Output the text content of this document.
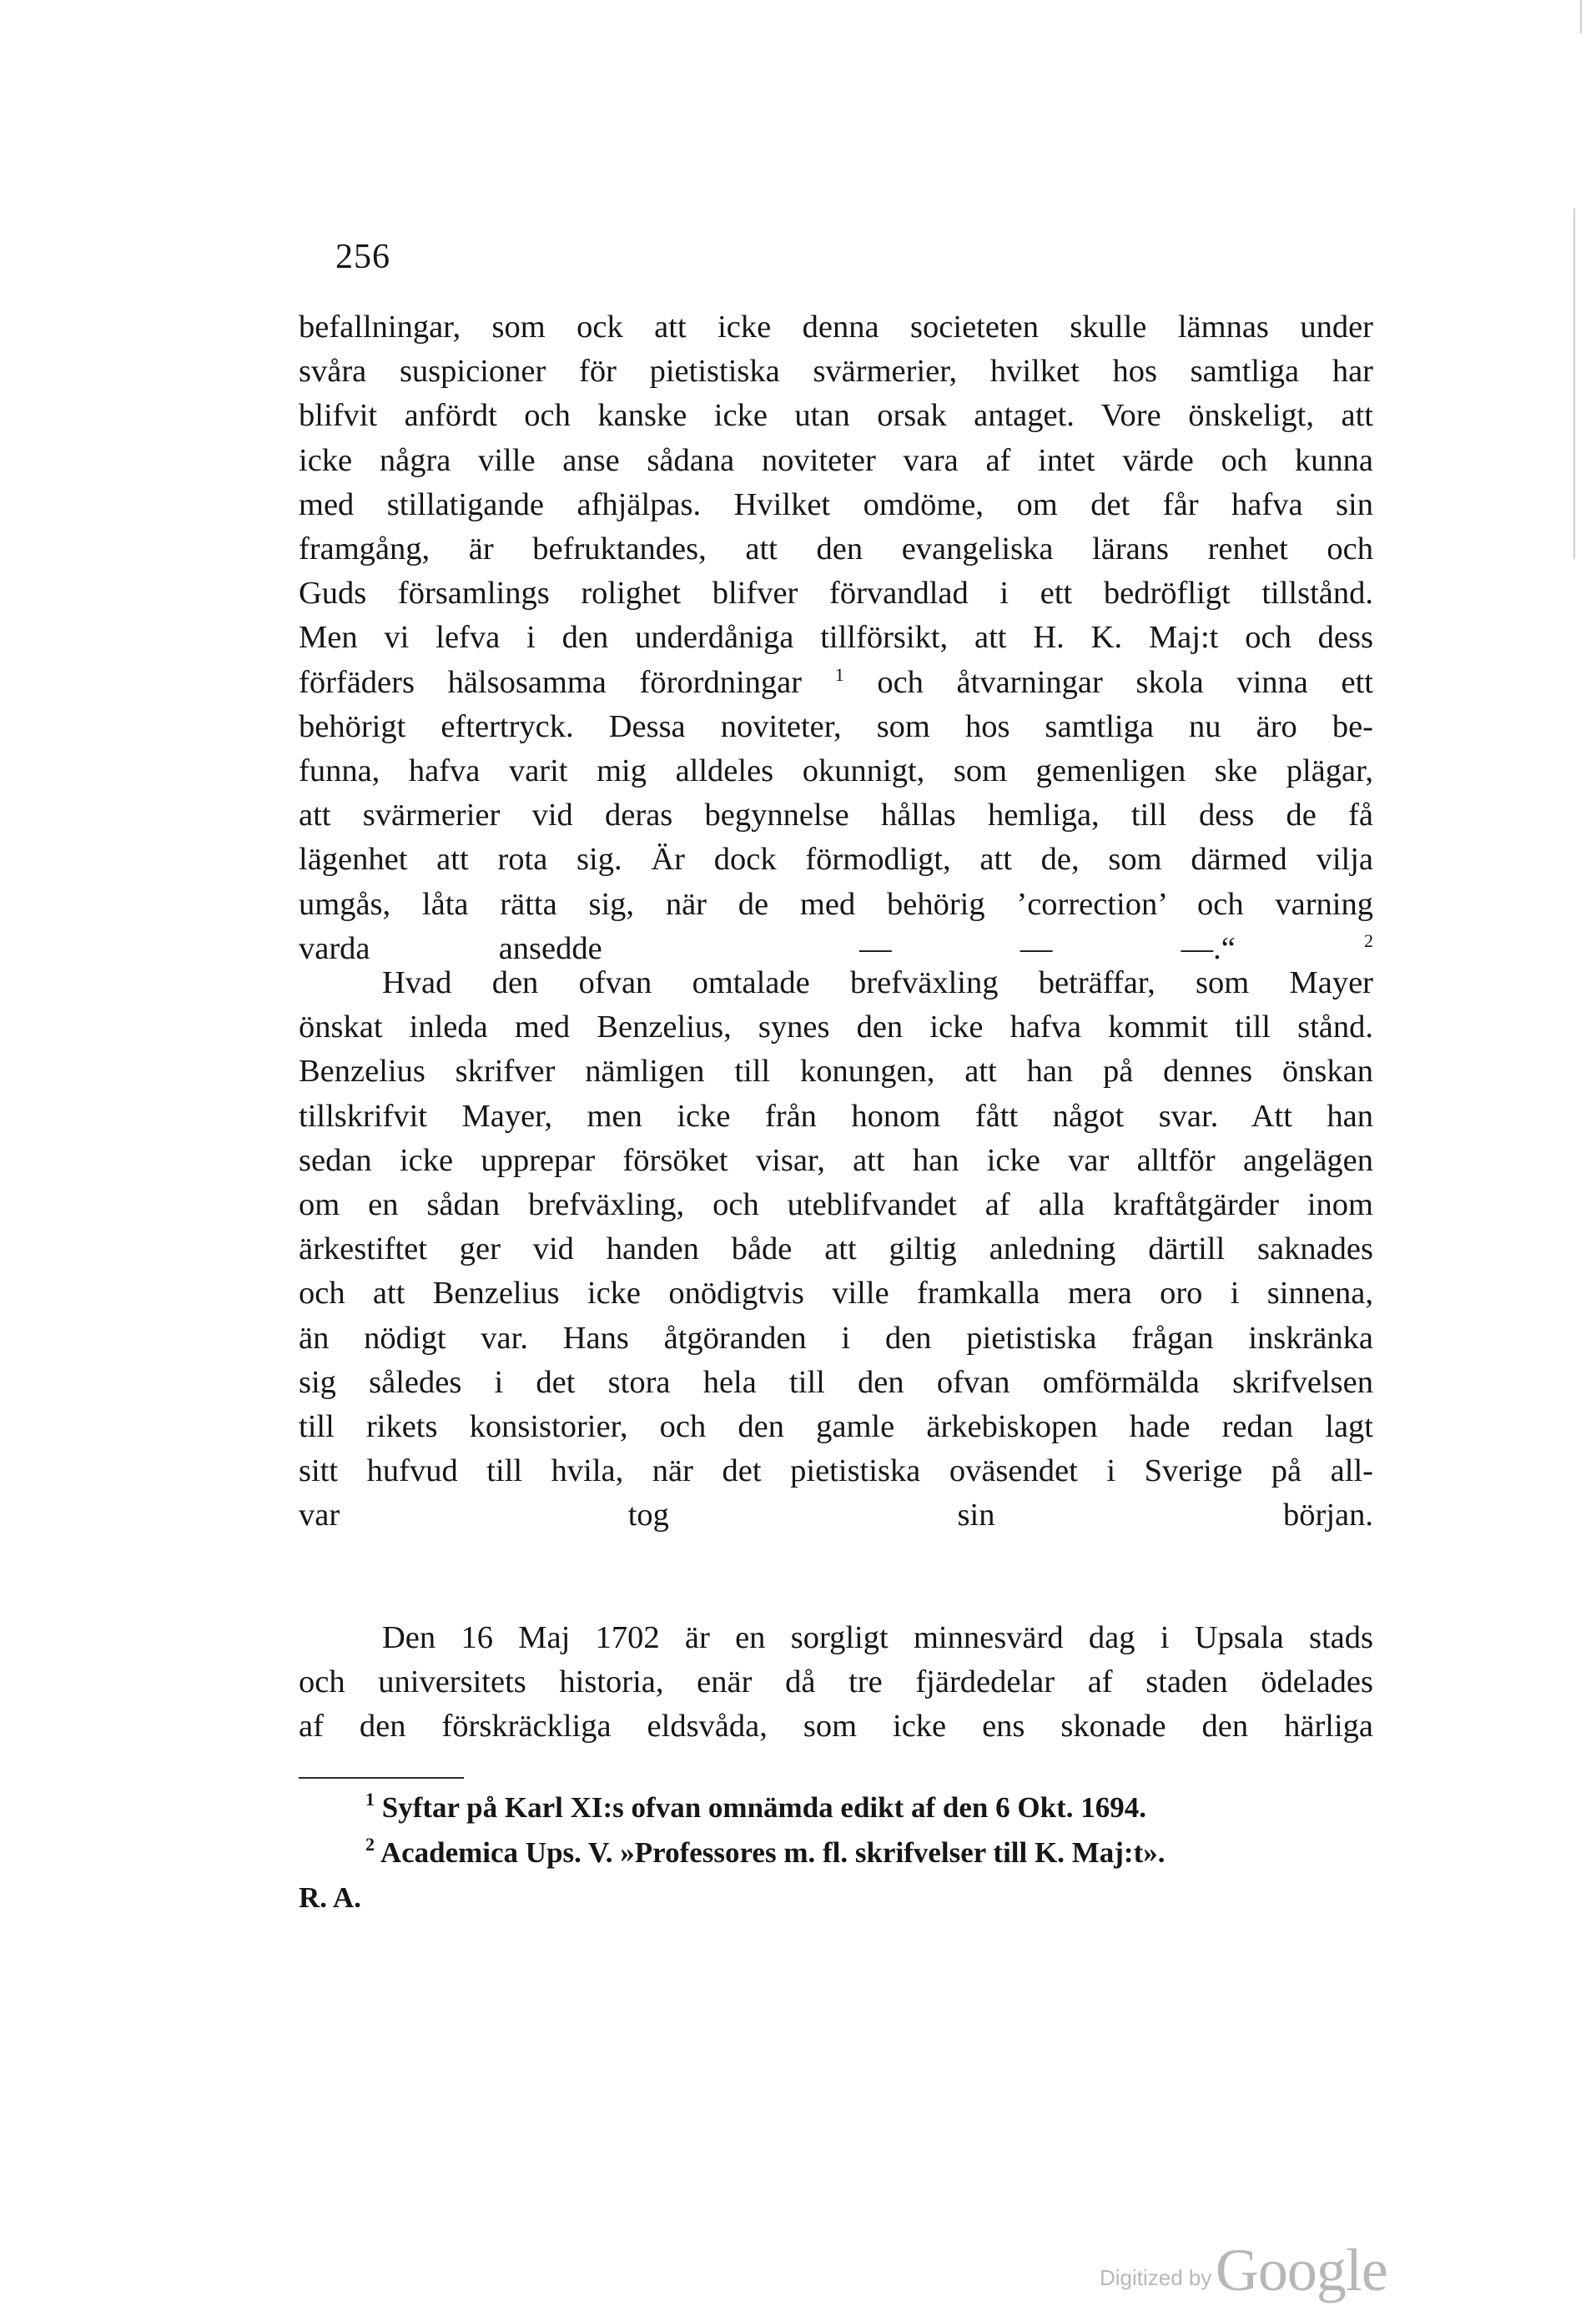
256
befallningar, som ock att icke denna societeten skulle lämnas under
svåra suspicioner för pietistiska svärmerier, hvilket hos samtliga har
blifvit anfördt och kanske icke utan orsak antaget. Vore önskeligt, att
icke några ville anse sådana noviteter vara af intet värde och kunna
med stillatigande afhjälpas. Hvilket omdöme, om det får hafva sin
framgång, är befruktandes, att den evangeliska lärans renhet och
Guds församlings rolighet blifver förvandlad i ett bedröfligt tillstånd.
Men vi lefva i den underdåniga tillförsikt, att H. K. Maj:t och dess
förfäders hälsosamma förordningar $^1$ och åtvarningar skola vinna ett
behörigt eftertryck. Dessa noviteter, som hos samtliga nu äro be-
funna, hafva varit mig alldeles okunnigt, som gemenligen ske plägar,
att svärmerier vid deras begynnelse hållas hemliga, till dess de få
lägenhet att rota sig. Är dock förmodligt, att de, som därmed vilja
umgås, låta rätta sig, när de med behörig ’correction’ och varning
varda ansedde	— — —.“	$^2$
Hvad den ofvan omtalade brefväxling beträffar, som Mayer
önskat inleda med Benzelius, synes den icke hafva kommit till stånd.
Benzelius skrifver nämligen till konungen, att han på dennes önskan
tillskrifvit Mayer, men icke från honom fått något svar. Att han
sedan icke upprepar försöket visar, att han icke var alltför angelägen
om en sådan brefväxling, och uteblifvandet af alla kraftåtgärder inom
ärkestiftet ger vid handen både att giltig anledning därtill saknades
och att Benzelius icke onödigtvis ville framkalla mera oro i sinnena,
än nödigt var. Hans åtgöranden i den pietistiska frågan inskränka
sig således i det stora hela till den ofvan omförmälda skrifvelsen
till rikets konsistorier, och den gamle ärkebiskopen hade redan lagt
sitt hufvud till hvila, när det pietistiska oväsendet i Sverige på all-
var tog sin början.
Den 16 Maj 1702 är en sorgligt minnesvärd dag i Upsala stads
och universitets historia, enär då tre fjärdedelar af staden ödelades
af den förskräckliga eldsvåda, som icke ens skonade den härliga
$^1$ Syftar på Karl XI:s ofvan omnämda edikt af den 6 Okt. 1694.
$^2$ Academica Ups. V. »Professores m. fl. skrifvelser till K. Maj:t».
R. A.
Digitized by Google
